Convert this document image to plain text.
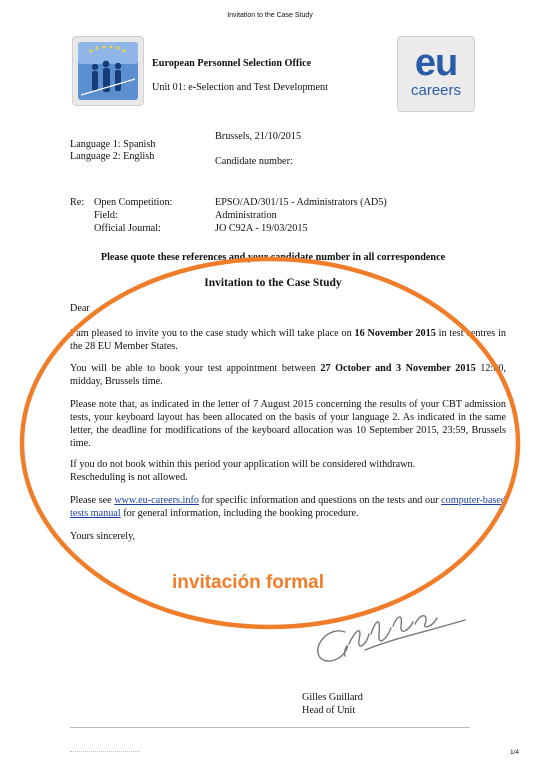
Invitation to the Case Study
European Personnel Selection Office
Unit 01: e-Selection and Test Development
eu
careers
Brussels, 21/10/2015
Language 1: Spanish
Language 2: English	Candidate number:
Re: Open Competition:	EPSO/AD/301/15 - Administrators (AD5)
Field:	Administration
Official Journal:	JO C92A - 19/03/2015
Please quote these references and your candidate number in all correspondence
Invitation to the Case Study
Dear
I am pleased to invite you to the case study which will take place on 16 November 2015 in test centres in the 28 EU Member States.
You will be able to book your test appointment between 27 October and 3 November 2015 12:00, midday, Brussels time.
Please note that, as indicated in the letter of 7 August 2015 concerning the results of your CBT admission tests, your keyboard layout has been allocated on the basis of your language 2. As indicated in the same letter, the deadline for modifications of the keyboard allocation was 10 September 2015, 23:59, Brussels time.
If you do not book within this period your application will be considered withdrawn.
Rescheduling is not allowed.
Please see www.eu-careers.info for specific information and questions on the tests and our computer-based tests manual for general information, including the booking procedure.
Yours sincerely,
invitación formal
Gilles Guillard
Head of Unit
1/4
